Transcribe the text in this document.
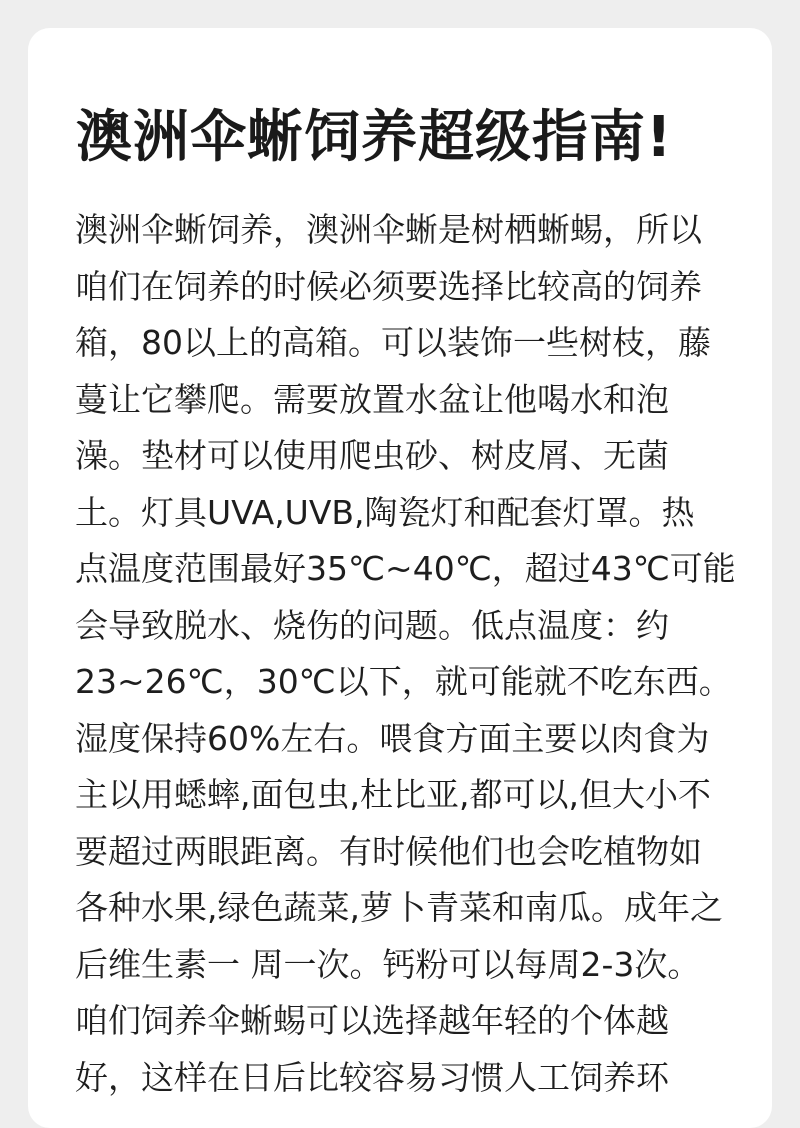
澳洲伞蜥饲养超级指南!
澳洲伞蜥饲养，澳洲伞蜥是树栖蜥蜴，所以
咱们在饲养的时候必须要选择比较高的饲养
箱，80以上的高箱。可以装饰一些树枝，藤
蔓让它攀爬。需要放置水盆让他喝水和泡
澡。垫材可以使用爬虫砂、树皮屑、无菌
土。灯具UVA,UVB,陶瓷灯和配套灯罩。热
点温度范围最好35℃~40℃，超过43℃可能
会导致脱水、烧伤的问题。低点温度：约
23~26℃，30℃以下，就可能就不吃东西。
湿度保持60%左右。喂食方面主要以肉食为
主以用蟋蟀,面包虫,杜比亚,都可以,但大小不
要超过两眼距离。有时候他们也会吃植物如
各种水果,绿色蔬菜,萝卜青菜和南瓜。成年之
后维生素一 周一次。钙粉可以每周2-3次。
咱们饲养伞蜥蜴可以选择越年轻的个体越
好，这样在日后比较容易习惯人工饲养环
